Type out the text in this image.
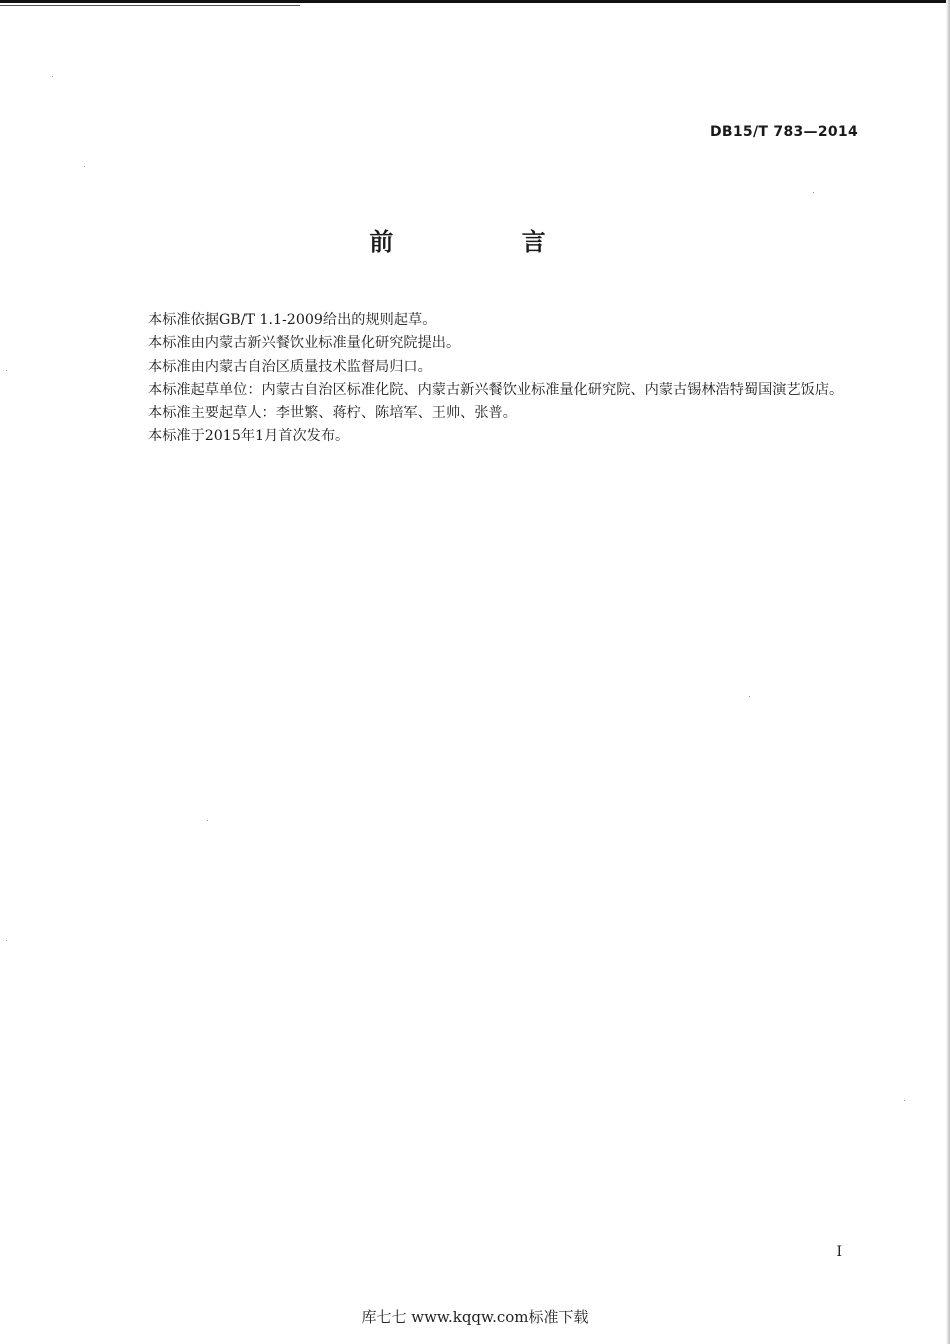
DB15/T 783—2014
前 言

本标准依据GB/T 1.1-2009给出的规则起草。

本标准由内蒙古新兴餐饮业标准量化研究院提出。

本标准由内蒙古自治区质量技术监督局归口。

本标准起草单位：内蒙古自治区标准化院、内蒙古新兴餐饮业标准量化研究院、内蒙古锡林浩特蜀国演艺饭店。

本标准主要起草人：李世繁、蒋柠、陈培军、王帅、张普。

本标准于2015年1月首次发布。

I
库七七 www.kqqw.com标准下载
